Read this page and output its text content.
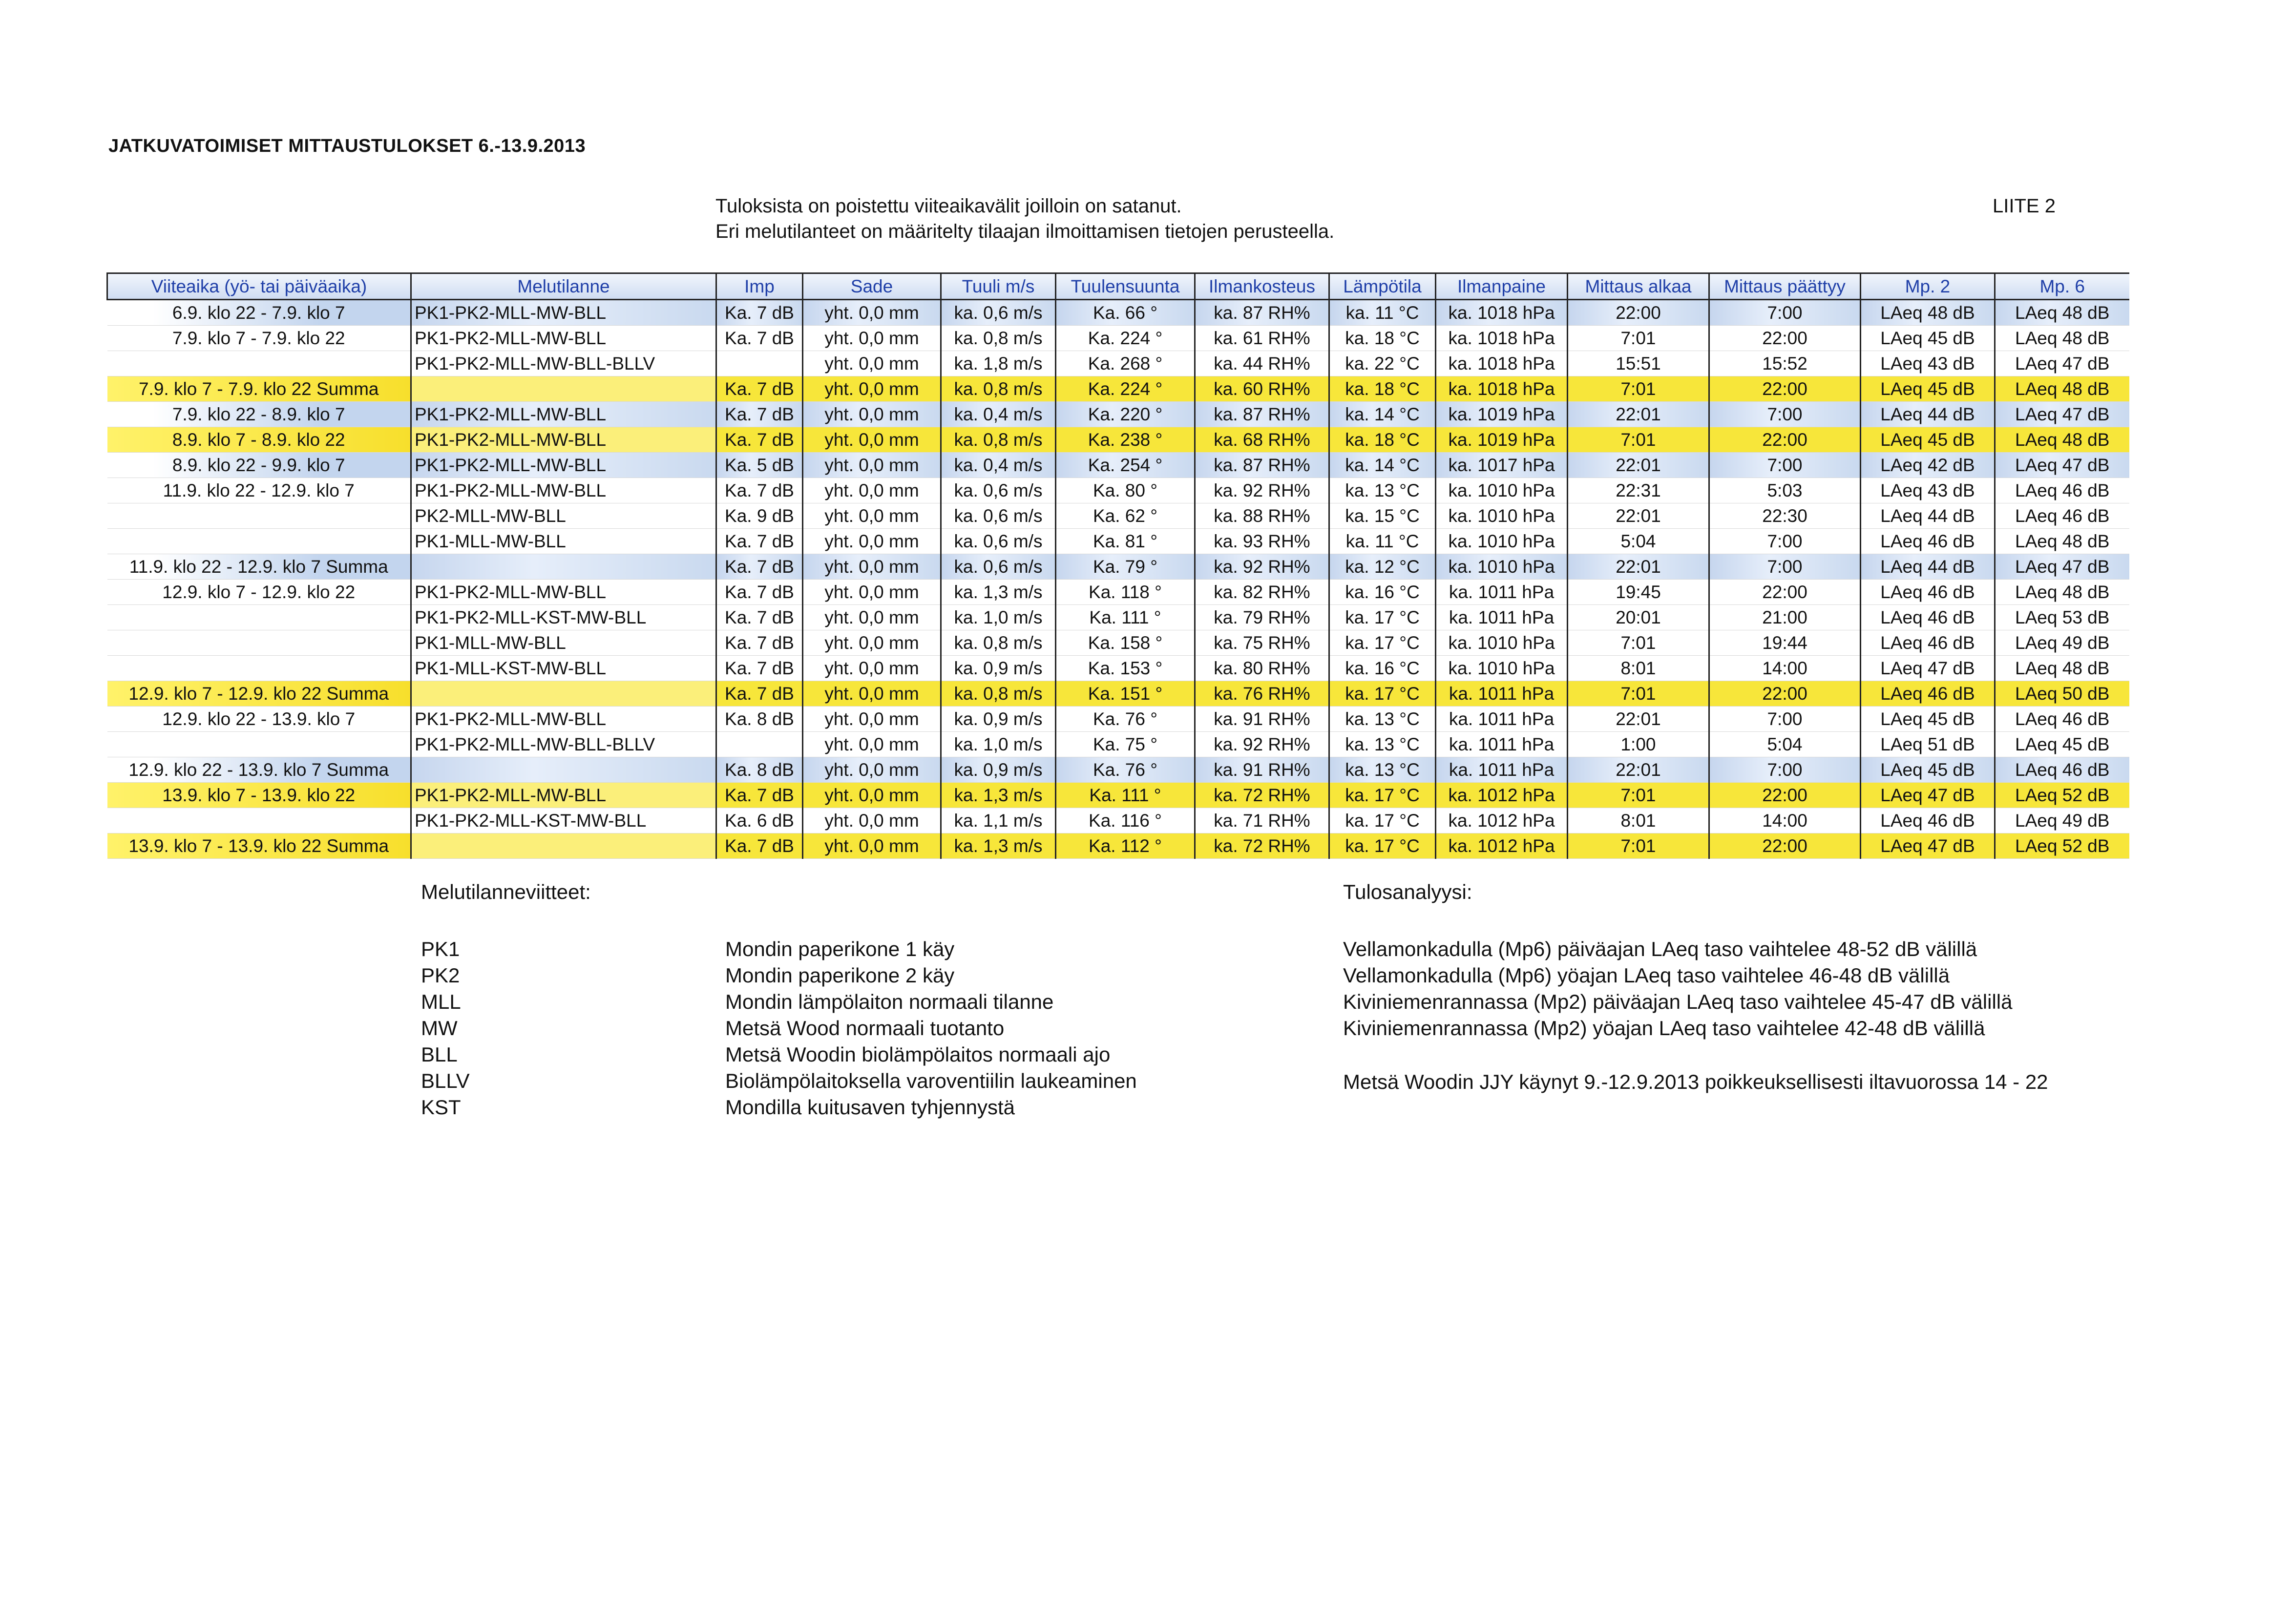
JATKUVATOIMISET MITTAUSTULOKSET 6.-13.9.2013
Tuloksista on poistettu viiteaikavälit joilloin on satanut.
Eri melutilanteet on määritelty tilaajan ilmoittamisen tietojen perusteella.
LIITE 2
Viiteaika (yö- tai päiväaika)	Melutilanne	Imp	Sade	Tuuli m/s	Tuulensuunta	Ilmankosteus	Lämpötila	Ilmanpaine	Mittaus alkaa	Mittaus päättyy	Mp. 2	Mp. 6
6.9. klo 22 - 7.9. klo 7	PK1-PK2-MLL-MW-BLL	Ka. 7 dB	yht. 0,0 mm	ka. 0,6 m/s	Ka. 66 °	ka. 87 RH%	ka. 11 °C	ka. 1018 hPa	22:00	7:00	LAeq 48 dB	LAeq 48 dB
7.9. klo 7 - 7.9. klo 22	PK1-PK2-MLL-MW-BLL	Ka. 7 dB	yht. 0,0 mm	ka. 0,8 m/s	Ka. 224 °	ka. 61 RH%	ka. 18 °C	ka. 1018 hPa	7:01	22:00	LAeq 45 dB	LAeq 48 dB
	PK1-PK2-MLL-MW-BLL-BLLV		yht. 0,0 mm	ka. 1,8 m/s	Ka. 268 °	ka. 44 RH%	ka. 22 °C	ka. 1018 hPa	15:51	15:52	LAeq 43 dB	LAeq 47 dB
7.9. klo 7 - 7.9. klo 22 Summa		Ka. 7 dB	yht. 0,0 mm	ka. 0,8 m/s	Ka. 224 °	ka. 60 RH%	ka. 18 °C	ka. 1018 hPa	7:01	22:00	LAeq 45 dB	LAeq 48 dB
7.9. klo 22 - 8.9. klo 7	PK1-PK2-MLL-MW-BLL	Ka. 7 dB	yht. 0,0 mm	ka. 0,4 m/s	Ka. 220 °	ka. 87 RH%	ka. 14 °C	ka. 1019 hPa	22:01	7:00	LAeq 44 dB	LAeq 47 dB
8.9. klo 7 - 8.9. klo 22	PK1-PK2-MLL-MW-BLL	Ka. 7 dB	yht. 0,0 mm	ka. 0,8 m/s	Ka. 238 °	ka. 68 RH%	ka. 18 °C	ka. 1019 hPa	7:01	22:00	LAeq 45 dB	LAeq 48 dB
8.9. klo 22 - 9.9. klo 7	PK1-PK2-MLL-MW-BLL	Ka. 5 dB	yht. 0,0 mm	ka. 0,4 m/s	Ka. 254 °	ka. 87 RH%	ka. 14 °C	ka. 1017 hPa	22:01	7:00	LAeq 42 dB	LAeq 47 dB
11.9. klo 22 - 12.9. klo 7	PK1-PK2-MLL-MW-BLL	Ka. 7 dB	yht. 0,0 mm	ka. 0,6 m/s	Ka. 80 °	ka. 92 RH%	ka. 13 °C	ka. 1010 hPa	22:31	5:03	LAeq 43 dB	LAeq 46 dB
	PK2-MLL-MW-BLL	Ka. 9 dB	yht. 0,0 mm	ka. 0,6 m/s	Ka. 62 °	ka. 88 RH%	ka. 15 °C	ka. 1010 hPa	22:01	22:30	LAeq 44 dB	LAeq 46 dB
	PK1-MLL-MW-BLL	Ka. 7 dB	yht. 0,0 mm	ka. 0,6 m/s	Ka. 81 °	ka. 93 RH%	ka. 11 °C	ka. 1010 hPa	5:04	7:00	LAeq 46 dB	LAeq 48 dB
11.9. klo 22 - 12.9. klo 7 Summa		Ka. 7 dB	yht. 0,0 mm	ka. 0,6 m/s	Ka. 79 °	ka. 92 RH%	ka. 12 °C	ka. 1010 hPa	22:01	7:00	LAeq 44 dB	LAeq 47 dB
12.9. klo 7 - 12.9. klo 22	PK1-PK2-MLL-MW-BLL	Ka. 7 dB	yht. 0,0 mm	ka. 1,3 m/s	Ka. 118 °	ka. 82 RH%	ka. 16 °C	ka. 1011 hPa	19:45	22:00	LAeq 46 dB	LAeq 48 dB
	PK1-PK2-MLL-KST-MW-BLL	Ka. 7 dB	yht. 0,0 mm	ka. 1,0 m/s	Ka. 111 °	ka. 79 RH%	ka. 17 °C	ka. 1011 hPa	20:01	21:00	LAeq 46 dB	LAeq 53 dB
	PK1-MLL-MW-BLL	Ka. 7 dB	yht. 0,0 mm	ka. 0,8 m/s	Ka. 158 °	ka. 75 RH%	ka. 17 °C	ka. 1010 hPa	7:01	19:44	LAeq 46 dB	LAeq 49 dB
	PK1-MLL-KST-MW-BLL	Ka. 7 dB	yht. 0,0 mm	ka. 0,9 m/s	Ka. 153 °	ka. 80 RH%	ka. 16 °C	ka. 1010 hPa	8:01	14:00	LAeq 47 dB	LAeq 48 dB
12.9. klo 7 - 12.9. klo 22 Summa		Ka. 7 dB	yht. 0,0 mm	ka. 0,8 m/s	Ka. 151 °	ka. 76 RH%	ka. 17 °C	ka. 1011 hPa	7:01	22:00	LAeq 46 dB	LAeq 50 dB
12.9. klo 22 - 13.9. klo 7	PK1-PK2-MLL-MW-BLL	Ka. 8 dB	yht. 0,0 mm	ka. 0,9 m/s	Ka. 76 °	ka. 91 RH%	ka. 13 °C	ka. 1011 hPa	22:01	7:00	LAeq 45 dB	LAeq 46 dB
	PK1-PK2-MLL-MW-BLL-BLLV		yht. 0,0 mm	ka. 1,0 m/s	Ka. 75 °	ka. 92 RH%	ka. 13 °C	ka. 1011 hPa	1:00	5:04	LAeq 51 dB	LAeq 45 dB
12.9. klo 22 - 13.9. klo 7 Summa		Ka. 8 dB	yht. 0,0 mm	ka. 0,9 m/s	Ka. 76 °	ka. 91 RH%	ka. 13 °C	ka. 1011 hPa	22:01	7:00	LAeq 45 dB	LAeq 46 dB
13.9. klo 7 - 13.9. klo 22	PK1-PK2-MLL-MW-BLL	Ka. 7 dB	yht. 0,0 mm	ka. 1,3 m/s	Ka. 111 °	ka. 72 RH%	ka. 17 °C	ka. 1012 hPa	7:01	22:00	LAeq 47 dB	LAeq 52 dB
	PK1-PK2-MLL-KST-MW-BLL	Ka. 6 dB	yht. 0,0 mm	ka. 1,1 m/s	Ka. 116 °	ka. 71 RH%	ka. 17 °C	ka. 1012 hPa	8:01	14:00	LAeq 46 dB	LAeq 49 dB
13.9. klo 7 - 13.9. klo 22 Summa		Ka. 7 dB	yht. 0,0 mm	ka. 1,3 m/s	Ka. 112 °	ka. 72 RH%	ka. 17 °C	ka. 1012 hPa	7:01	22:00	LAeq 47 dB	LAeq 52 dB
Melutilanneviitteet:	Tulosanalyysi:
PK1	Mondin paperikone 1 käy
PK2	Mondin paperikone 2 käy
MLL	Mondin lämpölaiton normaali tilanne
MW	Metsä Wood normaali tuotanto
BLL	Metsä Woodin biolämpölaitos normaali ajo
BLLV	Biolämpölaitoksella varoventiilin laukeaminen
KST	Mondilla kuitusaven tyhjennystä
Vellamonkadulla (Mp6) päiväajan LAeq taso vaihtelee 48-52 dB välillä
Vellamonkadulla (Mp6) yöajan LAeq taso vaihtelee 46-48 dB välillä
Kiviniemenrannassa (Mp2) päiväajan LAeq taso vaihtelee 45-47 dB välillä
Kiviniemenrannassa (Mp2) yöajan LAeq taso vaihtelee 42-48 dB välillä
Metsä Woodin JJY käynyt 9.-12.9.2013 poikkeuksellisesti iltavuorossa 14 - 22
